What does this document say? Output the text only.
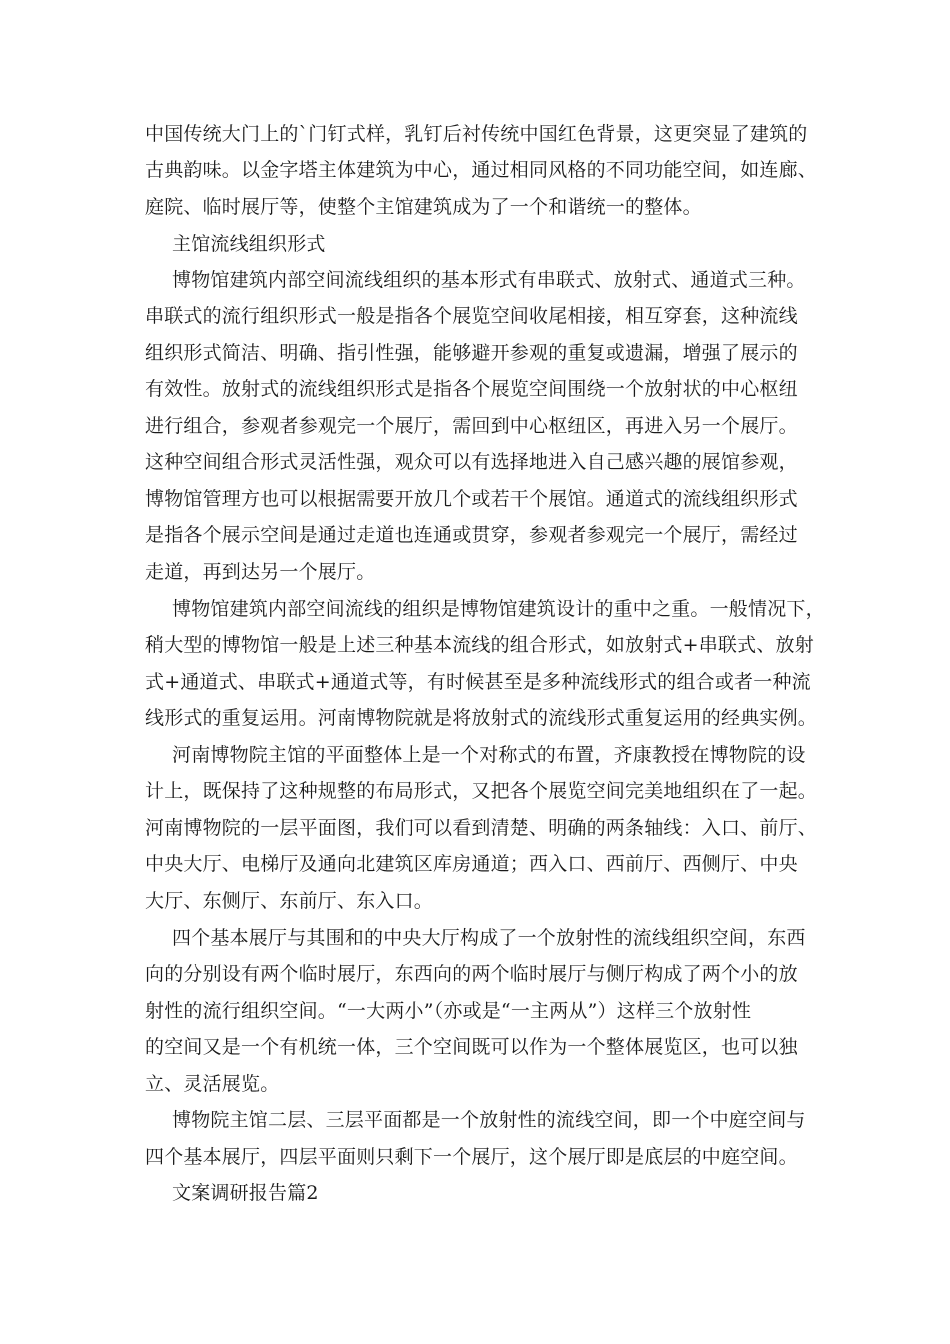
中国传统大门上的`门钉式样，乳钉后衬传统中国红色背景，这更突显了建筑的
古典韵味。以金字塔主体建筑为中心，通过相同风格的不同功能空间，如连廊、
庭院、临时展厅等，使整个主馆建筑成为了一个和谐统一的整体。
主馆流线组织形式
博物馆建筑内部空间流线组织的基本形式有串联式、放射式、通道式三种。
串联式的流行组织形式一般是指各个展览空间收尾相接，相互穿套，这种流线
组织形式简洁、明确、指引性强，能够避开参观的重复或遗漏，增强了展示的
有效性。放射式的流线组织形式是指各个展览空间围绕一个放射状的中心枢纽
进行组合，参观者参观完一个展厅，需回到中心枢纽区，再进入另一个展厅。
这种空间组合形式灵活性强，观众可以有选择地进入自己感兴趣的展馆参观，
博物馆管理方也可以根据需要开放几个或若干个展馆。通道式的流线组织形式
是指各个展示空间是通过走道也连通或贯穿，参观者参观完一个展厅，需经过
走道，再到达另一个展厅。
博物馆建筑内部空间流线的组织是博物馆建筑设计的重中之重。一般情况下，
稍大型的博物馆一般是上述三种基本流线的组合形式，如放射式+串联式、放射
式+通道式、串联式+通道式等，有时候甚至是多种流线形式的组合或者一种流
线形式的重复运用。河南博物院就是将放射式的流线形式重复运用的经典实例。
河南博物院主馆的平面整体上是一个对称式的布置，齐康教授在博物院的设
计上，既保持了这种规整的布局形式，又把各个展览空间完美地组织在了一起。
河南博物院的一层平面图，我们可以看到清楚、明确的两条轴线：入口、前厅、
中央大厅、电梯厅及通向北建筑区库房通道；西入口、西前厅、西侧厅、中央
大厅、东侧厅、东前厅、东入口。
四个基本展厅与其围和的中央大厅构成了一个放射性的流线组织空间，东西
向的分别设有两个临时展厅，东西向的两个临时展厅与侧厅构成了两个小的放
射性的流行组织空间。“一大两小”（亦或是“一主两从”）这样三个放射性
的空间又是一个有机统一体，三个空间既可以作为一个整体展览区，也可以独
立、灵活展览。
博物院主馆二层、三层平面都是一个放射性的流线空间，即一个中庭空间与
四个基本展厅，四层平面则只剩下一个展厅，这个展厅即是底层的中庭空间。
文案调研报告篇2
